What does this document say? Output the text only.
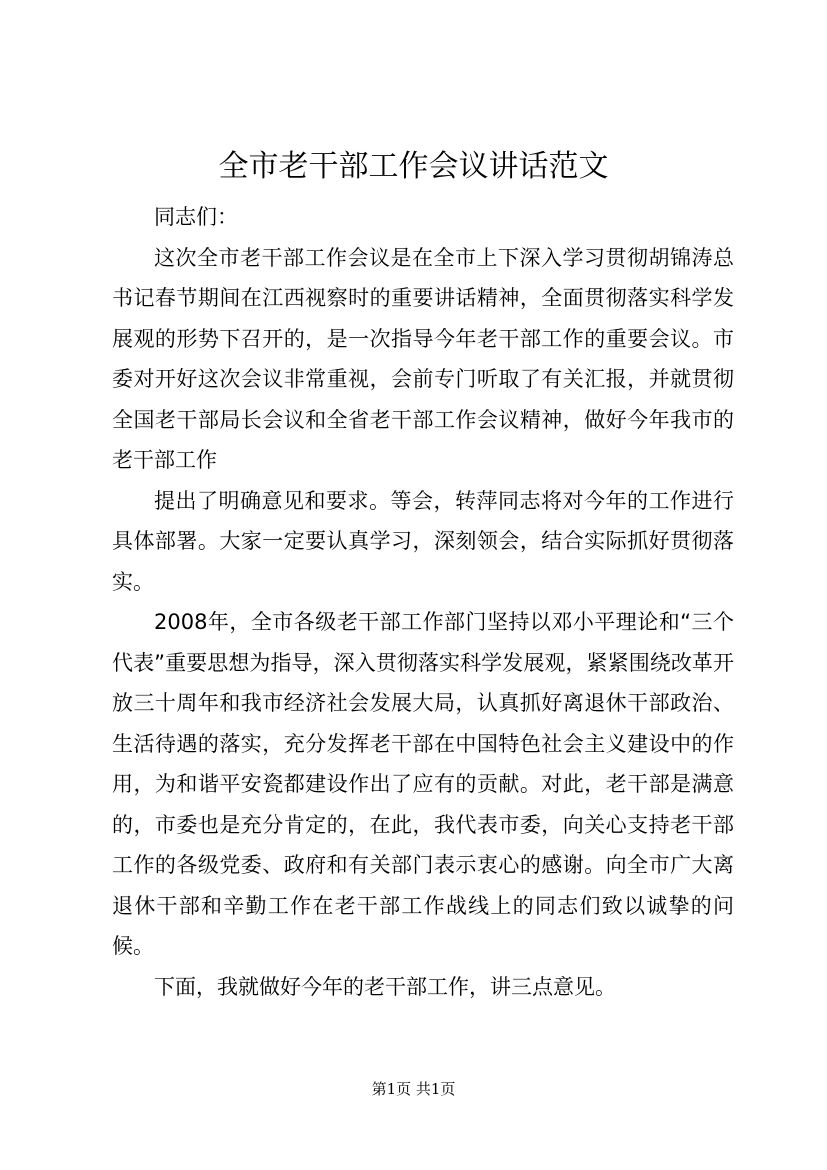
全市老干部工作会议讲话范文

同志们：

这次全市老干部工作会议是在全市上下深入学习贯彻胡锦涛总书记春节期间在江西视察时的重要讲话精神，全面贯彻落实科学发展观的形势下召开的，是一次指导今年老干部工作的重要会议。市委对开好这次会议非常重视，会前专门听取了有关汇报，并就贯彻全国老干部局长会议和全省老干部工作会议精神，做好今年我市的老干部工作

提出了明确意见和要求。等会，转萍同志将对今年的工作进行具体部署。大家一定要认真学习，深刻领会，结合实际抓好贯彻落实。

2008年，全市各级老干部工作部门坚持以邓小平理论和“三个代表”重要思想为指导，深入贯彻落实科学发展观，紧紧围绕改革开放三十周年和我市经济社会发展大局，认真抓好离退休干部政治、生活待遇的落实，充分发挥老干部在中国特色社会主义建设中的作用，为和谐平安瓷都建设作出了应有的贡献。对此，老干部是满意的，市委也是充分肯定的，在此，我代表市委，向关心支持老干部工作的各级党委、政府和有关部门表示衷心的感谢。向全市广大离退休干部和辛勤工作在老干部工作战线上的同志们致以诚挚的问候。

下面，我就做好今年的老干部工作，讲三点意见。

第1页 共1页
